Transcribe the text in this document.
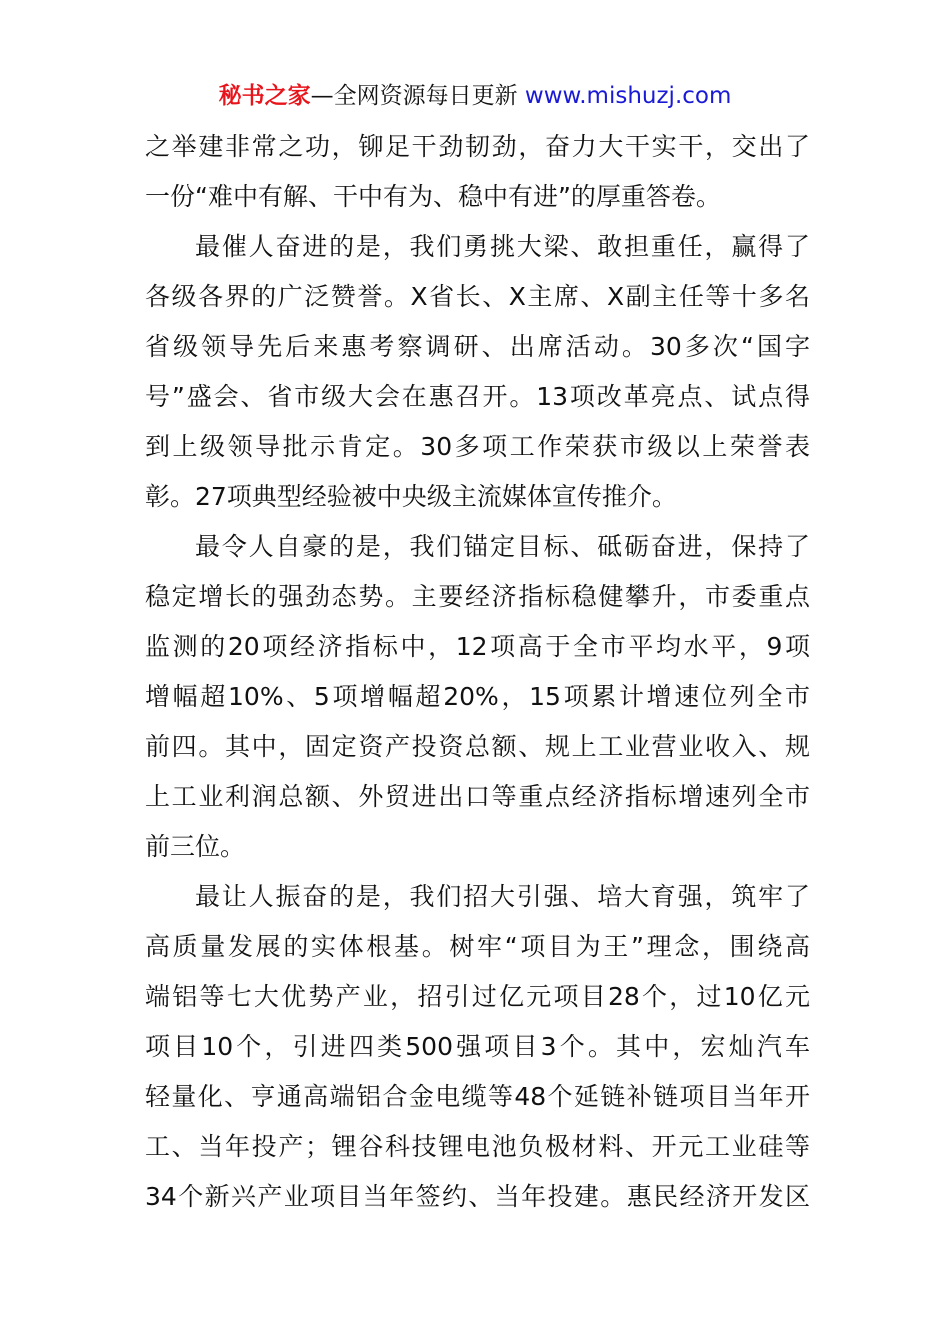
秘书之家—全网资源每日更新 www.mishuzj.com
之举建非常之功，铆足干劲韧劲，奋力大干实干，交出了
一份“难中有解、干中有为、稳中有进”的厚重答卷。
最催人奋进的是，我们勇挑大梁、敢担重任，赢得了
各级各界的广泛赞誉。X省长、X主席、X副主任等十多名
省级领导先后来惠考察调研、出席活动。30多次“国字
号”盛会、省市级大会在惠召开。13项改革亮点、试点得
到上级领导批示肯定。30多项工作荣获市级以上荣誉表
彰。27项典型经验被中央级主流媒体宣传推介。
最令人自豪的是，我们锚定目标、砥砺奋进，保持了
稳定增长的强劲态势。主要经济指标稳健攀升，市委重点
监测的20项经济指标中，12项高于全市平均水平，9项
增幅超10%、5项增幅超20%，15项累计增速位列全市
前四。其中，固定资产投资总额、规上工业营业收入、规
上工业利润总额、外贸进出口等重点经济指标增速列全市
前三位。
最让人振奋的是，我们招大引强、培大育强，筑牢了
高质量发展的实体根基。树牢“项目为王”理念，围绕高
端铝等七大优势产业，招引过亿元项目28个，过10亿元
项目10个，引进四类500强项目3个。其中，宏灿汽车
轻量化、亨通高端铝合金电缆等48个延链补链项目当年开
工、当年投产；锂谷科技锂电池负极材料、开元工业硅等
34个新兴产业项目当年签约、当年投建。惠民经济开发区
